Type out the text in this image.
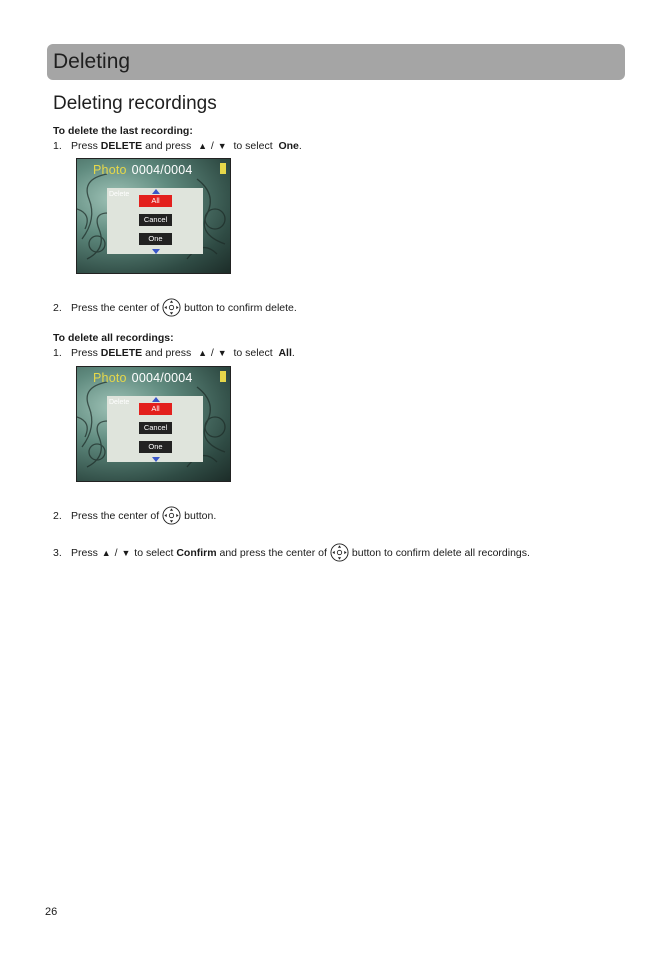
Deleting
Deleting recordings
To delete the last recording:
1. Press
DELETE and press
▲ / ▼ to select
One .
Photo 0004/0004
Delete
All
Cancel
One
2. Press the center of button to confirm delete.
To delete all recordings:
1. Press
DELETE and press
▲ / ▼ to select
All .
Photo 0004/0004
Delete
All
Cancel
One
2. Press the center of button.
3. Press ▲ / ▼ to select Confirm and press the center of button to confirm delete all recordings.
26
